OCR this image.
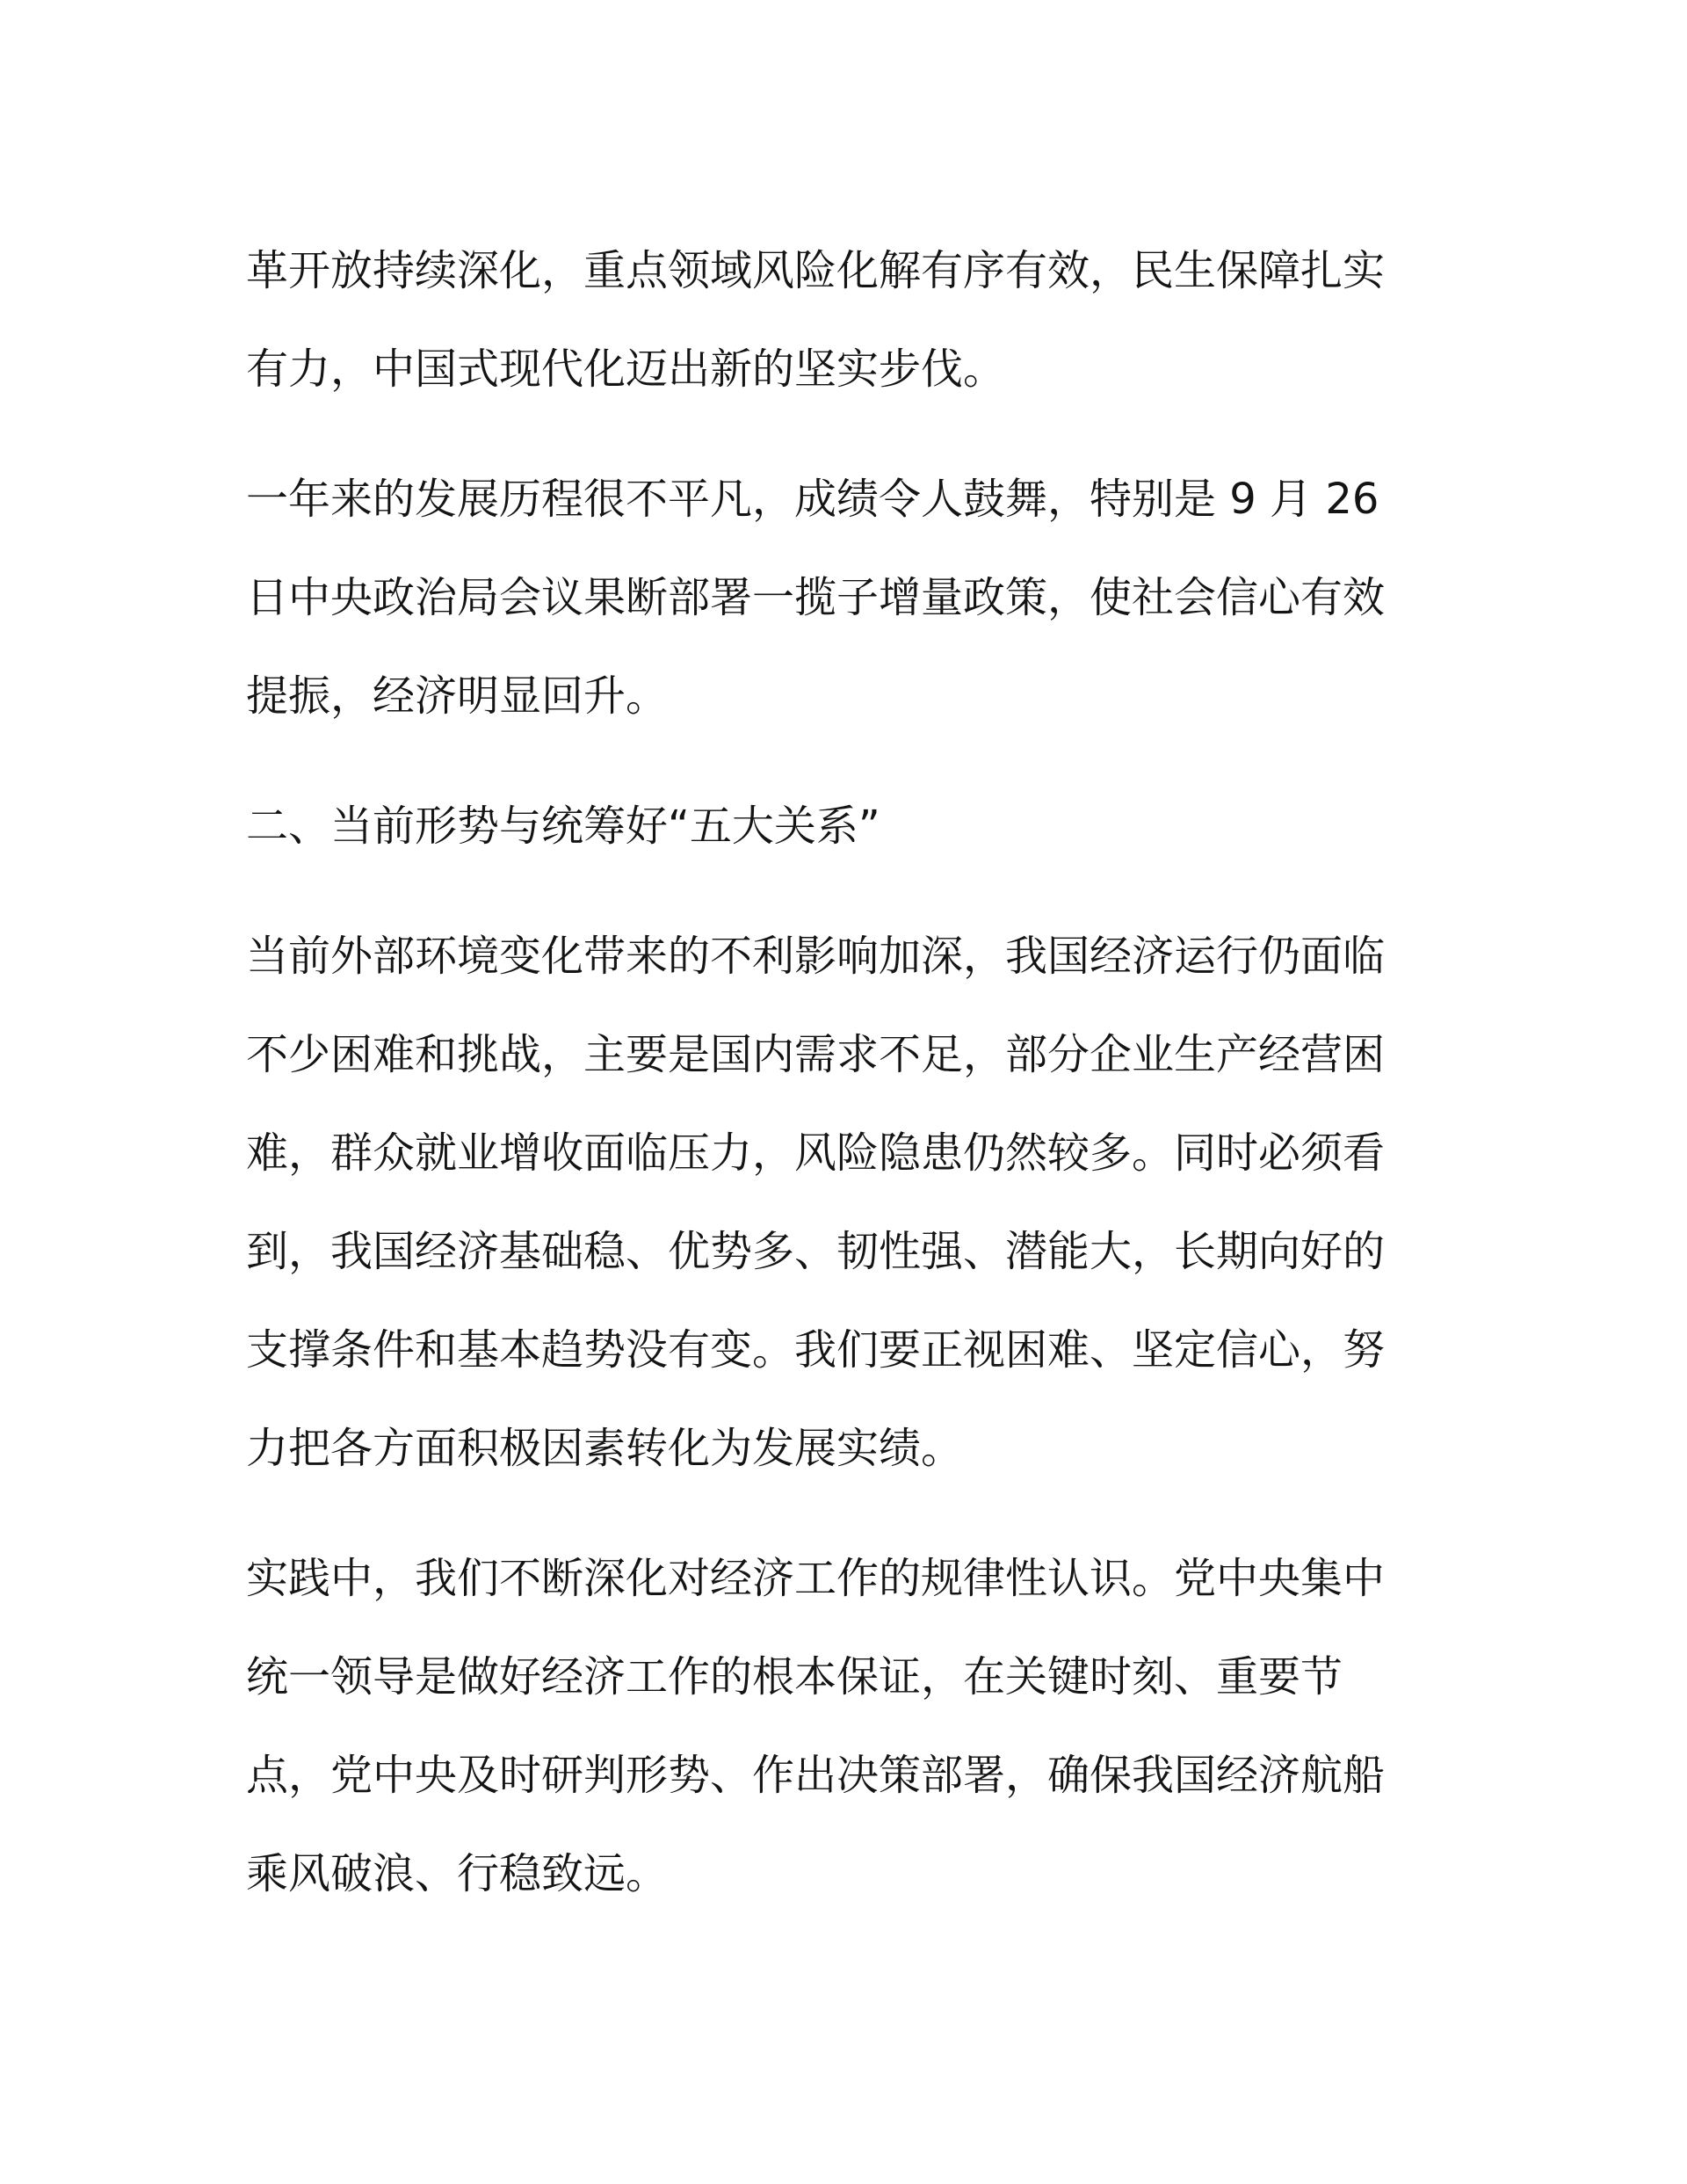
革开放持续深化，重点领域风险化解有序有效，民生保障扎实
有力，中国式现代化迈出新的坚实步伐。

一年来的发展历程很不平凡，成绩令人鼓舞，特别是 9 月 26
日中央政治局会议果断部署一揽子增量政策，使社会信心有效
提振，经济明显回升。

二、当前形势与统筹好“五大关系”

当前外部环境变化带来的不利影响加深，我国经济运行仍面临
不少困难和挑战，主要是国内需求不足，部分企业生产经营困
难，群众就业增收面临压力，风险隐患仍然较多。同时必须看
到，我国经济基础稳、优势多、韧性强、潜能大，长期向好的
支撑条件和基本趋势没有变。我们要正视困难、坚定信心，努
力把各方面积极因素转化为发展实绩。

实践中，我们不断深化对经济工作的规律性认识。党中央集中
统一领导是做好经济工作的根本保证，在关键时刻、重要节
点，党中央及时研判形势、作出决策部署，确保我国经济航船
乘风破浪、行稳致远。
